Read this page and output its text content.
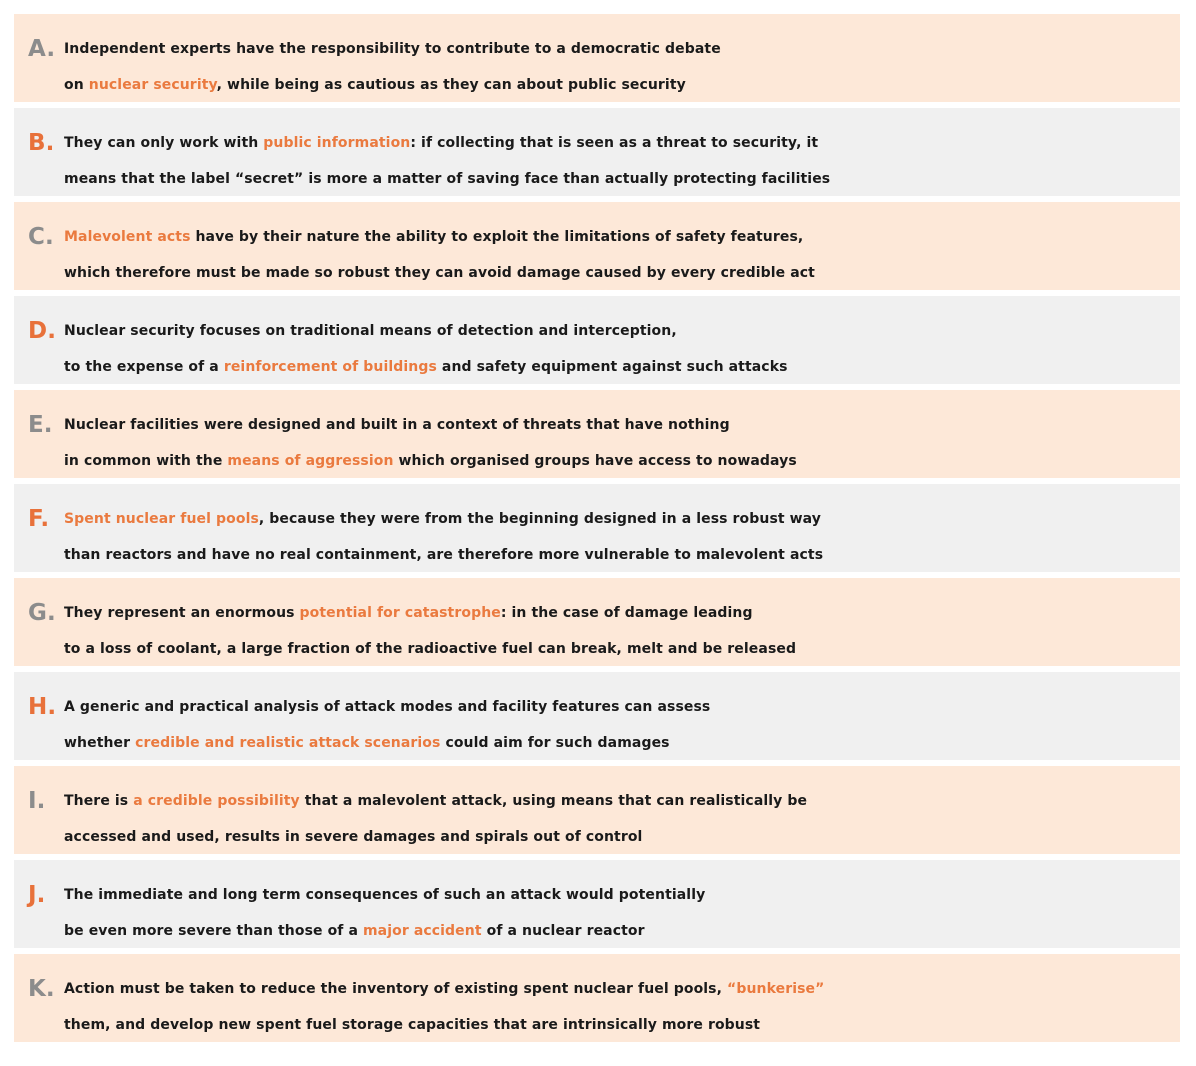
A. Independent experts have the responsibility to contribute to a democratic debate
on nuclear security, while being as cautious as they can about public security
B. They can only work with public information: if collecting that is seen as a threat to security, it
means that the label “secret” is more a matter of saving face than actually protecting facilities
C. Malevolent acts have by their nature the ability to exploit the limitations of safety features,
which therefore must be made so robust they can avoid damage caused by every credible act
D. Nuclear security focuses on traditional means of detection and interception,
to the expense of a reinforcement of buildings and safety equipment against such attacks
E. Nuclear facilities were designed and built in a context of threats that have nothing
in common with the means of aggression which organised groups have access to nowadays
F. Spent nuclear fuel pools, because they were from the beginning designed in a less robust way
than reactors and have no real containment, are therefore more vulnerable to malevolent acts
G. They represent an enormous potential for catastrophe: in the case of damage leading
to a loss of coolant, a large fraction of the radioactive fuel can break, melt and be released
H. A generic and practical analysis of attack modes and facility features can assess
whether credible and realistic attack scenarios could aim for such damages
I. There is a credible possibility that a malevolent attack, using means that can realistically be
accessed and used, results in severe damages and spirals out of control
J. The immediate and long term consequences of such an attack would potentially
be even more severe than those of a major accident of a nuclear reactor
K. Action must be taken to reduce the inventory of existing spent nuclear fuel pools, “bunkerise”
them, and develop new spent fuel storage capacities that are intrinsically more robust
